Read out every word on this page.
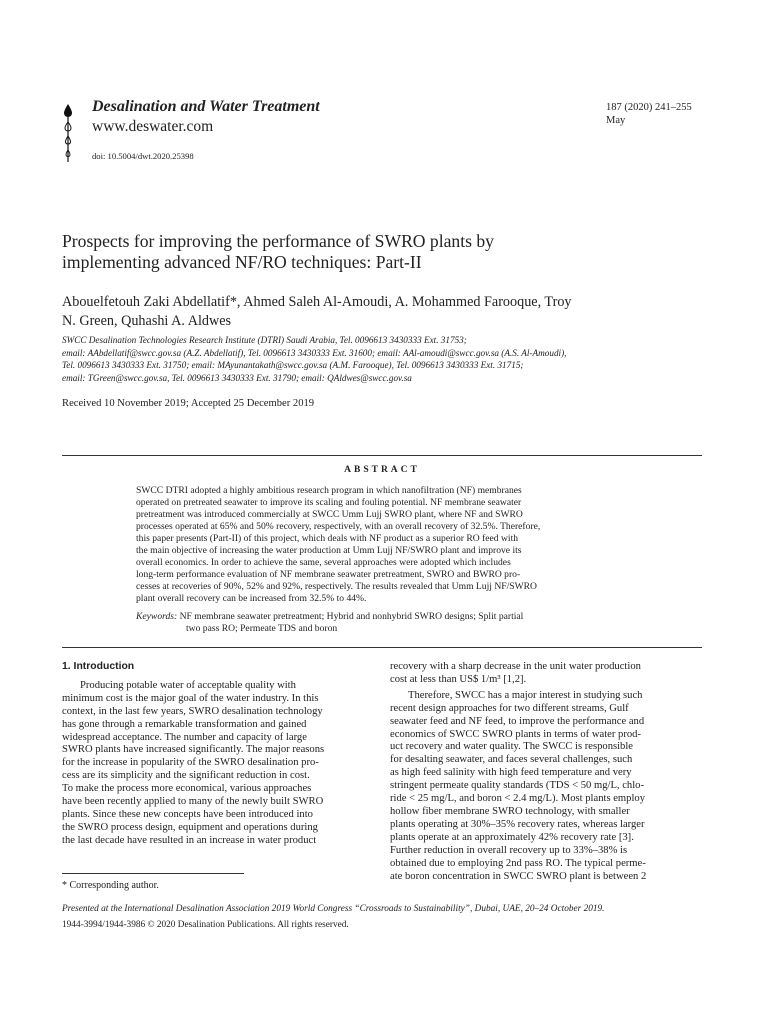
Desalination and Water Treatment
www.deswater.com
doi: 10.5004/dwt.2020.25398
187 (2020) 241–255
May
Prospects for improving the performance of SWRO plants by
implementing advanced NF/RO techniques: Part-II
Abouelfetouh Zaki Abdellatif*, Ahmed Saleh Al-Amoudi, A. Mohammed Farooque, Troy
N. Green, Quhashi A. Aldwes
SWCC Desalination Technologies Research Institute (DTRI) Saudi Arabia, Tel. 0096613 3430333 Ext. 31753;
email: AAbdellatif@swcc.gov.sa (A.Z. Abdellatif), Tel. 0096613 3430333 Ext. 31600; email: AAl-amoudi@swcc.gov.sa (A.S. Al-Amoudi),
Tel. 0096613 3430333 Ext. 31750; email: MAyunantakath@swcc.gov.sa (A.M. Farooque), Tel. 0096613 3430333 Ext. 31715;
email: TGreen@swcc.gov.sa, Tel. 0096613 3430333 Ext. 31790; email: QAldwes@swcc.gov.sa
Received 10 November 2019; Accepted 25 December 2019
ABSTRACT
SWCC DTRI adopted a highly ambitious research program in which nanofiltration (NF) membranes
operated on pretreated seawater to improve its scaling and fouling potential. NF membrane seawater
pretreatment was introduced commercially at SWCC Umm Lujj SWRO plant, where NF and SWRO
processes operated at 65% and 50% recovery, respectively, with an overall recovery of 32.5%. Therefore,
this paper presents (Part-II) of this project, which deals with NF product as a superior RO feed with
the main objective of increasing the water production at Umm Lujj NF/SWRO plant and improve its
overall economics. In order to achieve the same, several approaches were adopted which includes
long-term performance evaluation of NF membrane seawater pretreatment, SWRO and BWRO pro-
cesses at recoveries of 90%, 52% and 92%, respectively. The results revealed that Umm Lujj NF/SWRO
plant overall recovery can be increased from 32.5% to 44%.
Keywords: NF membrane seawater pretreatment; Hybrid and nonhybrid SWRO designs; Split partial
two pass RO; Permeate TDS and boron
1. Introduction
Producing potable water of acceptable quality with
minimum cost is the major goal of the water industry. In this
context, in the last few years, SWRO desalination technology
has gone through a remarkable transformation and gained
widespread acceptance. The number and capacity of large
SWRO plants have increased significantly. The major reasons
for the increase in popularity of the SWRO desalination pro-
cess are its simplicity and the significant reduction in cost.
To make the process more economical, various approaches
have been recently applied to many of the newly built SWRO
plants. Since these new concepts have been introduced into
the SWRO process design, equipment and operations during
the last decade have resulted in an increase in water product
recovery with a sharp decrease in the unit water production
cost at less than US$ 1/m³ [1,2].
Therefore, SWCC has a major interest in studying such
recent design approaches for two different streams, Gulf
seawater feed and NF feed, to improve the performance and
economics of SWCC SWRO plants in terms of water prod-
uct recovery and water quality. The SWCC is responsible
for desalting seawater, and faces several challenges, such
as high feed salinity with high feed temperature and very
stringent permeate quality standards (TDS < 50 mg/L, chlo-
ride < 25 mg/L, and boron < 2.4 mg/L). Most plants employ
hollow fiber membrane SWRO technology, with smaller
plants operating at 30%–35% recovery rates, whereas larger
plants operate at an approximately 42% recovery rate [3].
Further reduction in overall recovery up to 33%–38% is
obtained due to employing 2nd pass RO. The typical perme-
ate boron concentration in SWCC SWRO plant is between 2
* Corresponding author.
Presented at the International Desalination Association 2019 World Congress “Crossroads to Sustainability”, Dubai, UAE, 20–24 October 2019.
1944-3994/1944-3986 © 2020 Desalination Publications. All rights reserved.
